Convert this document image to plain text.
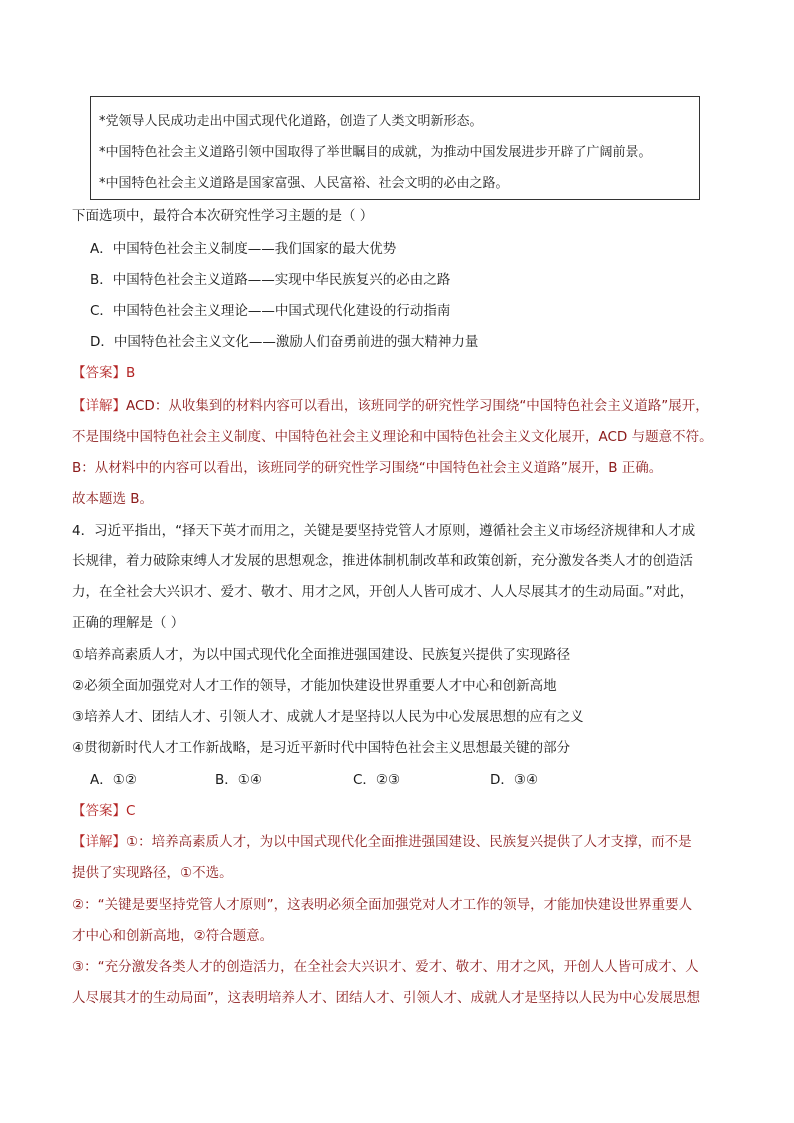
*党领导人民成功走出中国式现代化道路，创造了人类文明新形态。
*中国特色社会主义道路引领中国取得了举世瞩目的成就，为推动中国发展进步开辟了广阔前景。
*中国特色社会主义道路是国家富强、人民富裕、社会文明的必由之路。
下面选项中，最符合本次研究性学习主题的是（ ）
A．中国特色社会主义制度——我们国家的最大优势
B．中国特色社会主义道路——实现中华民族复兴的必由之路
C．中国特色社会主义理论——中国式现代化建设的行动指南
D．中国特色社会主义文化——激励人们奋勇前进的强大精神力量
【答案】B
【详解】ACD：从收集到的材料内容可以看出，该班同学的研究性学习围绕“中国特色社会主义道路”展开，
不是围绕中国特色社会主义制度、中国特色社会主义理论和中国特色社会主义文化展开，ACD 与题意不符。
B：从材料中的内容可以看出，该班同学的研究性学习围绕“中国特色社会主义道路”展开，B 正确。
故本题选 B。
4．习近平指出，“择天下英才而用之，关键是要坚持党管人才原则，遵循社会主义市场经济规律和人才成
长规律，着力破除束缚人才发展的思想观念，推进体制机制改革和政策创新，充分激发各类人才的创造活
力，在全社会大兴识才、爱才、敬才、用才之风，开创人人皆可成才、人人尽展其才的生动局面。”对此，
正确的理解是（ ）
①培养高素质人才，为以中国式现代化全面推进强国建设、民族复兴提供了实现路径
②必须全面加强党对人才工作的领导，才能加快建设世界重要人才中心和创新高地
③培养人才、团结人才、引领人才、成就人才是坚持以人民为中心发展思想的应有之义
④贯彻新时代人才工作新战略，是习近平新时代中国特色社会主义思想最关键的部分
A．①②	B．①④	C．②③	D．③④
【答案】C
【详解】①：培养高素质人才，为以中国式现代化全面推进强国建设、民族复兴提供了人才支撑，而不是
提供了实现路径，①不选。
②：“关键是要坚持党管人才原则”，这表明必须全面加强党对人才工作的领导，才能加快建设世界重要人
才中心和创新高地，②符合题意。
③：“充分激发各类人才的创造活力，在全社会大兴识才、爱才、敬才、用才之风，开创人人皆可成才、人
人尽展其才的生动局面”，这表明培养人才、团结人才、引领人才、成就人才是坚持以人民为中心发展思想
